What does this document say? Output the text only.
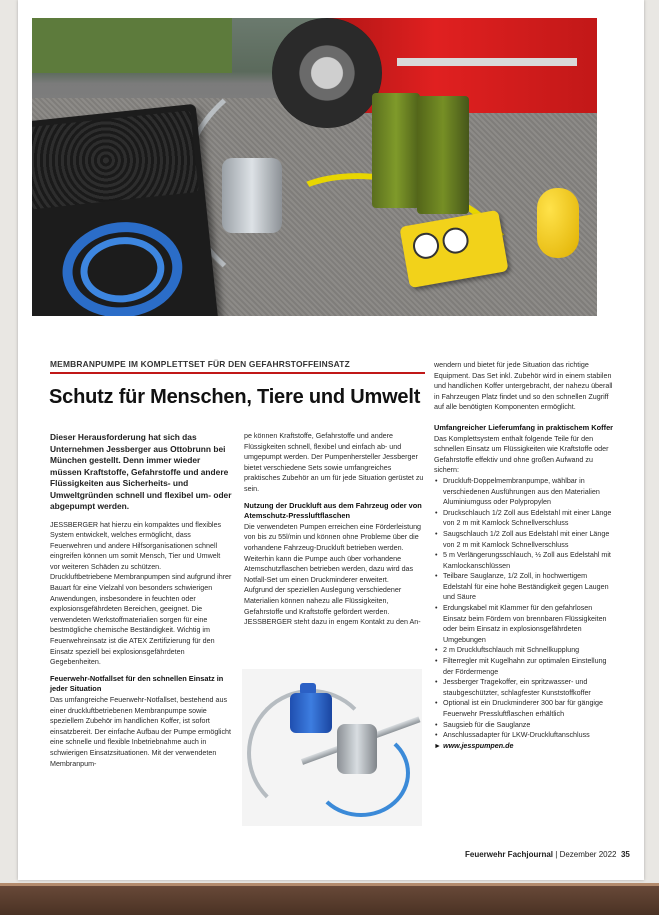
MEMBRANPUMPE IM KOMPLETTSET FÜR DEN GEFAHRSTOFFEINSATZ
Schutz für Menschen, Tiere und Umwelt

Dieser Herausforderung hat sich das Unternehmen Jessberger aus Ottobrunn bei München gestellt. Denn immer wieder müssen Kraftstoffe, Gefahrstoffe und andere Flüssigkeiten aus Sicherheits- und Umweltgründen schnell und flexibel um- oder abgepumpt werden.

JESSBERGER hat hierzu ein kompaktes und flexibles System entwickelt, welches ermöglicht, dass Feuerwehren und andere Hilfsorganisationen schnell eingreifen können um somit Mensch, Tier und Umwelt vor weiteren Schäden zu schützen.

Druckluftbetriebene Membranpumpen sind aufgrund ihrer Bauart für eine Vielzahl von besonders schwierigen Anwendungen, insbesondere in feuchten oder explosionsgefährdeten Bereichen, geeignet. Die verwendeten Werkstoffmaterialien sorgen für eine bestmögliche chemische Beständigkeit. Wichtig im Feuerwehreinsatz ist die ATEX Zertifizierung für den Einsatz speziell bei explosionsgefährdeten Gegebenheiten.

Feuerwehr-Notfallset für den schnellen Einsatz in jeder Situation

Das umfangreiche Feuerwehr-Notfallset, bestehend aus einer druckluftbetriebenen Membranpumpe sowie speziellem Zubehör im handlichen Koffer, ist sofort einsatzbereit. Der einfache Aufbau der Pumpe ermöglicht eine schnelle und flexible Inbetriebnahme auch in schwierigen Einsatzsituationen. Mit der verwendeten Membranpum-

pe können Kraftstoffe, Gefahrstoffe und andere Flüssigkeiten schnell, flexibel und einfach ab- und umgepumpt werden. Der Pumpenhersteller Jessberger bietet verschiedene Sets sowie umfangreiches praktisches Zubehör an um für jede Situation gerüstet zu sein.

Nutzung der Druckluft aus dem Fahrzeug oder von Atemschutz-Pressluftflaschen

Die verwendeten Pumpen erreichen eine Förderleistung von bis zu 55l/min und können ohne Probleme über die vorhandene Fahrzeug-Druckluft betrieben werden. Weiterhin kann die Pumpe auch über vorhandene Atemschutzflaschen betrieben werden, dazu wird das Notfall-Set um einen Druckminderer erweitert.

Aufgrund der speziellen Auslegung verschiedener Materialien können nahezu alle Flüssigkeiten, Gefahrstoffe und Kraftstoffe gefördert werden. JESSBERGER steht dazu in engem Kontakt zu den An-

wendern und bietet für jede Situation das richtige Equipment. Das Set inkl. Zubehör wird in einem stabilen und handlichen Koffer untergebracht, der nahezu überall in Fahrzeugen Platz findet und so den schnellen Zugriff auf alle benötigten Komponenten ermöglicht.

Umfangreicher Lieferumfang in praktischem Koffer

Das Komplettsystem enthalt folgende Teile für den schnellen Einsatz um Flüssigkeiten wie Kraftstoffe oder Gefahrstoffe effektiv und ohne großen Aufwand zu sichern:

• Druckluft-Doppelmembranpumpe, wählbar in verschiedenen Ausführungen aus den Materialien Aluminiumguss oder Polypropylen
• Druckschlauch 1/2 Zoll aus Edelstahl mit einer Länge von 2 m mit Kamlock Schnellverschluss
• Saugschlauch 1/2 Zoll aus Edelstahl mit einer Länge von 2 m mit Kamlock Schnellverschluss
• 5 m Verlängerungsschlauch, ½ Zoll aus Edelstahl mit Kamlockanschlüssen
• Teilbare Sauglanze, 1/2 Zoll, in hochwertigem Edelstahl für eine hohe Beständigkeit gegen Laugen und Säure
• Erdungskabel mit Klammer für den gefahrlosen Einsatz beim Fördern von brennbaren Flüssigkeiten oder beim Einsatz in explosionsgefährdeten Umgebungen
• 2 m Druckluftschlauch mit Schnellkupplung
• Filterregler mit Kugelhahn zur optimalen Einstellung der Fördermenge
• Jessberger Tragekoffer, ein spritzwasser- und staubgeschützter, schlagfester Kunststoffkoffer
• Optional ist ein Druckminderer 300 bar für gängige Feuerwehr Pressluftflaschen erhältlich
• Saugsieb für die Sauglanze
• Anschlussadapter für LKW-Druckluftanschluss

► www.jesspumpen.de

Feuerwehr Fachjournal | Dezember 2022 35
